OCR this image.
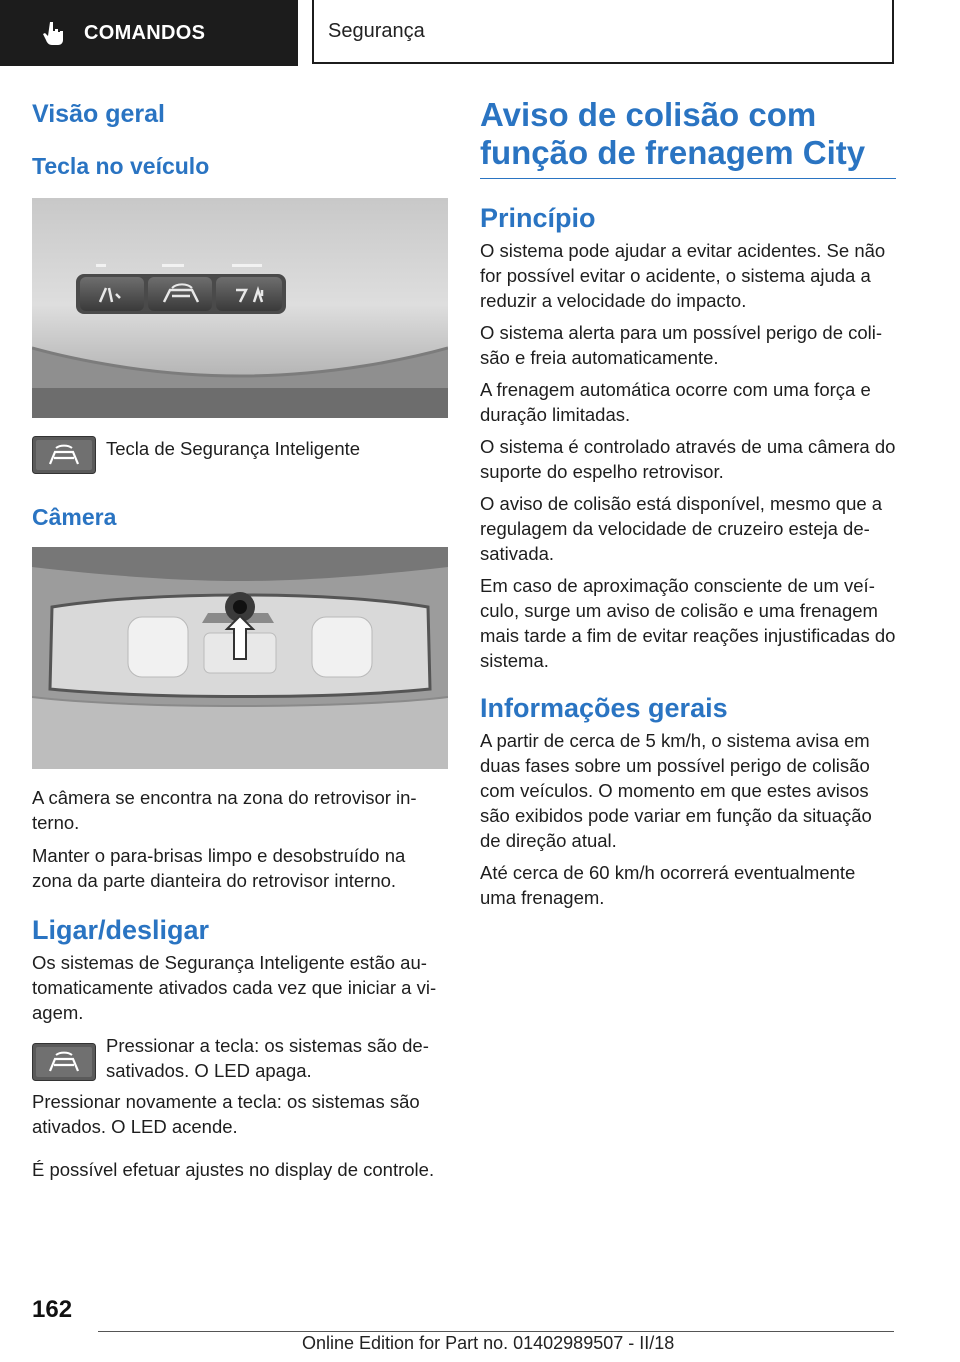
COMANDOS	Segurança
Visão geral
Tecla no veículo

Tecla de Segurança Inteligente

Câmera

A câmera se encontra na zona do retrovisor in-terno.

Manter o para-brisas limpo e desobstruído na zona da parte dianteira do retrovisor interno.

Ligar/desligar

Os sistemas de Segurança Inteligente estão au-tomaticamente ativados cada vez que iniciar a vi-agem.

Pressionar a tecla: os sistemas são de-sativados. O LED apaga.

Pressionar novamente a tecla: os sistemas são ativados. O LED acende.

É possível efetuar ajustes no display de controle.

Aviso de colisão com função de frenagem City
Princípio

O sistema pode ajudar a evitar acidentes. Se não for possível evitar o acidente, o sistema ajuda a reduzir a velocidade do impacto.

O sistema alerta para um possível perigo de coli-são e freia automaticamente.

A frenagem automática ocorre com uma força e duração limitadas.

O sistema é controlado através de uma câmera do suporte do espelho retrovisor.

O aviso de colisão está disponível, mesmo que a regulagem da velocidade de cruzeiro esteja de-sativada.

Em caso de aproximação consciente de um veí-culo, surge um aviso de colisão e uma frenagem mais tarde a fim de evitar reações injustificadas do sistema.

Informações gerais

A partir de cerca de 5 km/h, o sistema avisa em duas fases sobre um possível perigo de colisão com veículos. O momento em que estes avisos são exibidos pode variar em função da situação de direção atual.

Até cerca de 60 km/h ocorrerá eventualmente uma frenagem.

162
Online Edition for Part no. 01402989507 - II/18
